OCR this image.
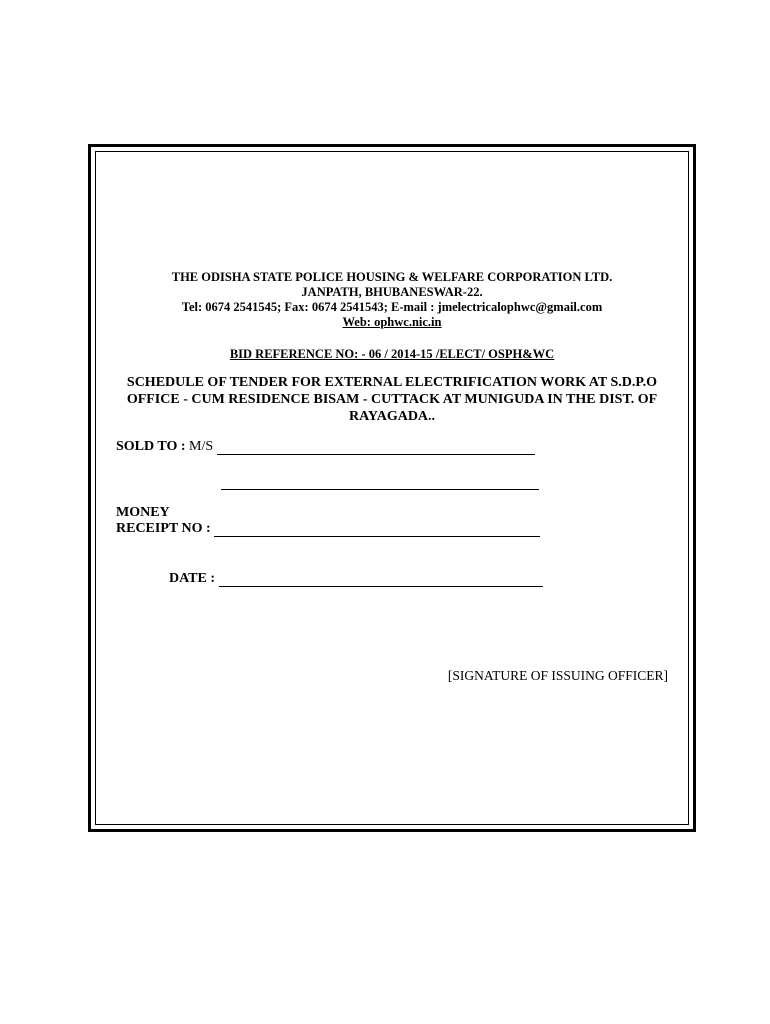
THE ODISHA STATE POLICE HOUSING & WELFARE CORPORATION LTD.
JANPATH, BHUBANESWAR-22.
Tel: 0674 2541545; Fax: 0674 2541543; E-mail : jmelectricalophwc@gmail.com
Web: ophwc.nic.in
BID REFERENCE NO: - 06 / 2014-15 /ELECT/ OSPH&WC
SCHEDULE OF TENDER FOR EXTERNAL ELECTRIFICATION WORK AT S.D.P.O
OFFICE - CUM RESIDENCE BISAM - CUTTACK AT MUNIGUDA IN THE DIST. OF
RAYAGADA..
SOLD TO : M/S
MONEY
RECEIPT NO :
DATE :
[SIGNATURE OF ISSUING OFFICER]
